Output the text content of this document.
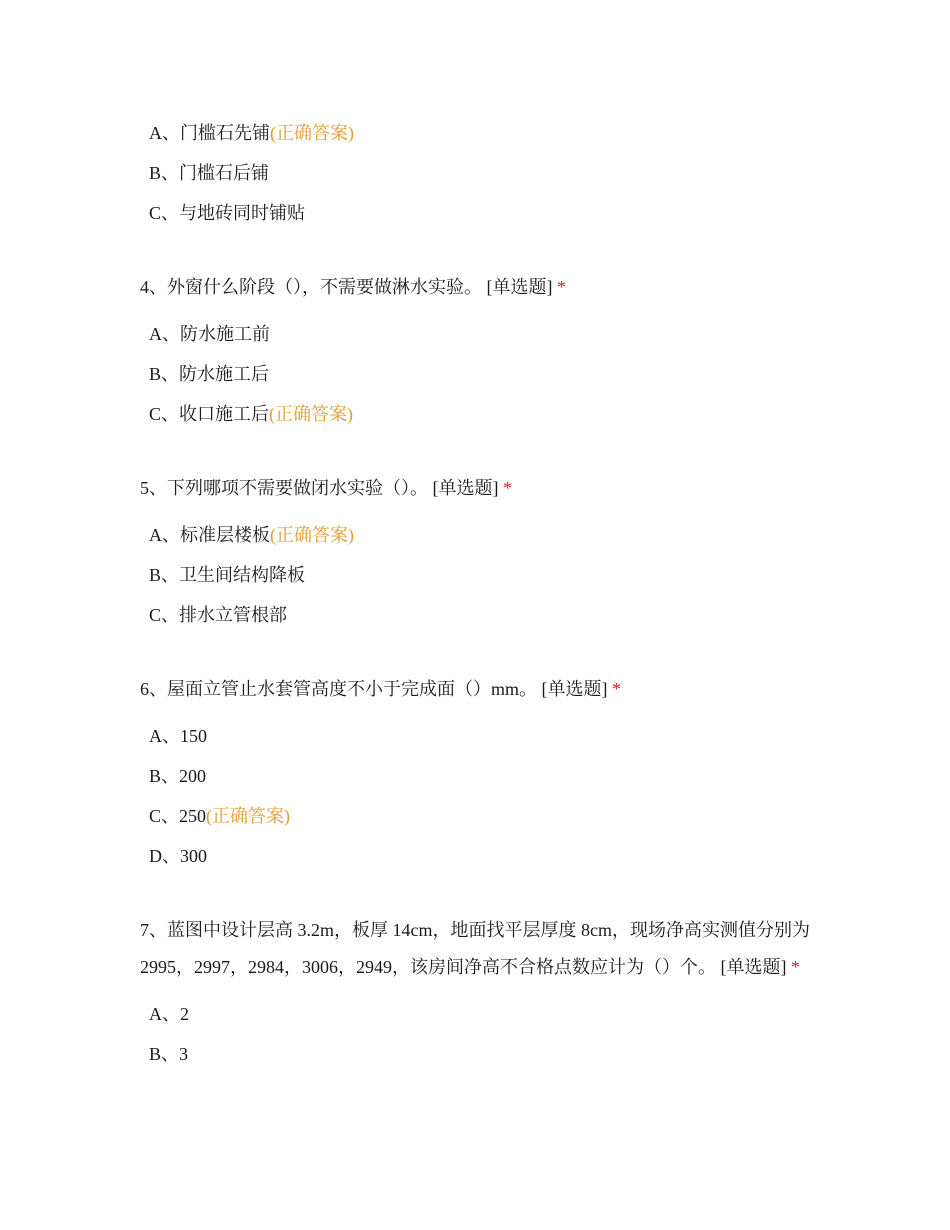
A、门槛石先铺(正确答案)
B、门槛石后铺
C、与地砖同时铺贴
4、外窗什么阶段（），不需要做淋水实验。 [单选题] *
A、防水施工前
B、防水施工后
C、收口施工后(正确答案)
5、下列哪项不需要做闭水实验（）。 [单选题] *
A、标准层楼板(正确答案)
B、卫生间结构降板
C、排水立管根部
6、屋面立管止水套管高度不小于完成面（）mm。 [单选题] *
A、150
B、200
C、250(正确答案)
D、300
7、蓝图中设计层高 3.2m，板厚 14cm，地面找平层厚度 8cm，现场净高实测值分别为 2995，2997，2984，3006，2949，该房间净高不合格点数应计为（）个。 [单选题] *
A、2
B、3
